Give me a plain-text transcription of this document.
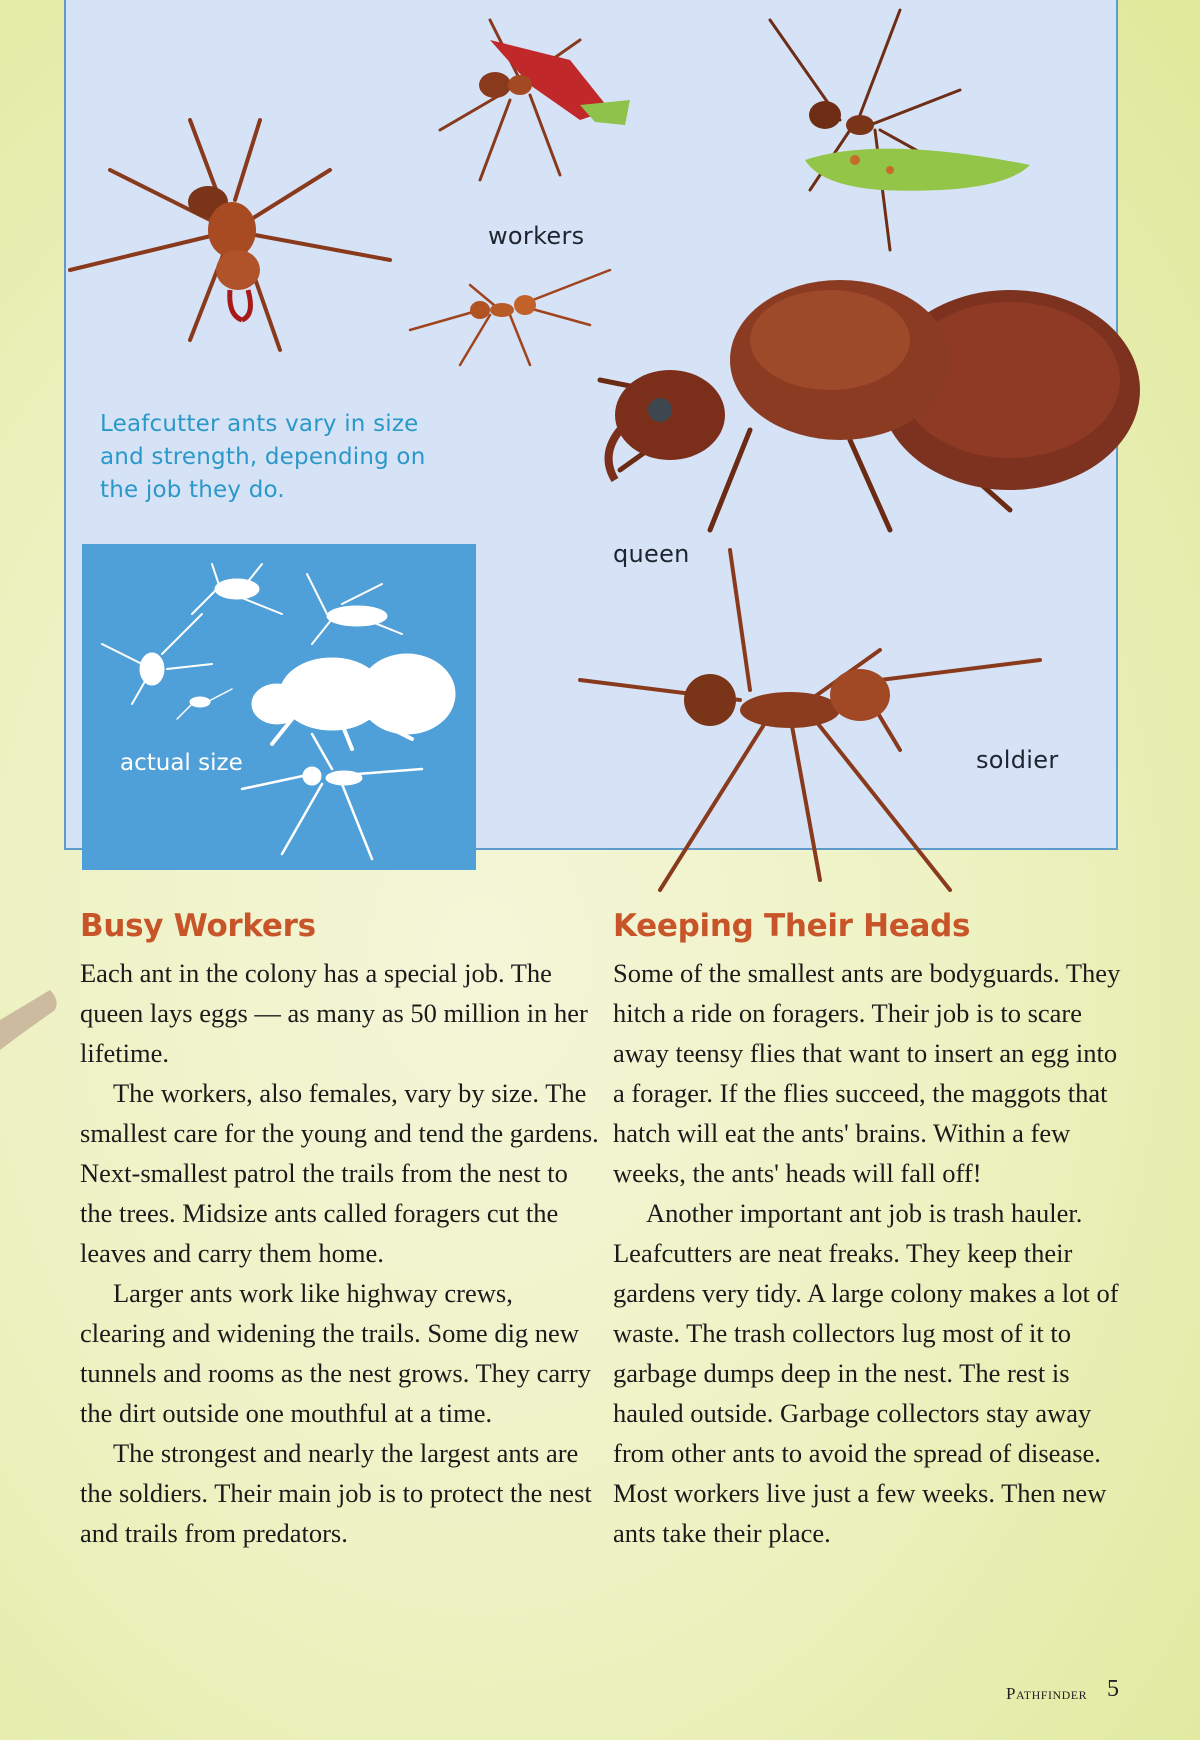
workers
queen
soldier

Leafcutter ants vary in size and strength, depending on the job they do.

actual size
Busy Workers

Each ant in the colony has a special job. The queen lays eggs — as many as 50 million in her lifetime.

The workers, also females, vary by size. The smallest care for the young and tend the gardens. Next-smallest patrol the trails from the nest to the trees. Midsize ants called foragers cut the leaves and carry them home.

Larger ants work like highway crews, clearing and widening the trails. Some dig new tunnels and rooms as the nest grows. They carry the dirt outside one mouthful at a time.

The strongest and nearly the largest ants are the soldiers. Their main job is to protect the nest and trails from predators.

Keeping Their Heads

Some of the smallest ants are bodyguards. They hitch a ride on foragers. Their job is to scare away teensy flies that want to insert an egg into a forager. If the flies succeed, the maggots that hatch will eat the ants' brains. Within a few weeks, the ants' heads will fall off!

Another important ant job is trash hauler. Leafcutters are neat freaks. They keep their gardens very tidy. A large colony makes a lot of waste. The trash collectors lug most of it to garbage dumps deep in the nest. The rest is hauled outside. Garbage collectors stay away from other ants to avoid the spread of disease. Most workers live just a few weeks. Then new ants take their place.

Pathfinder 5
